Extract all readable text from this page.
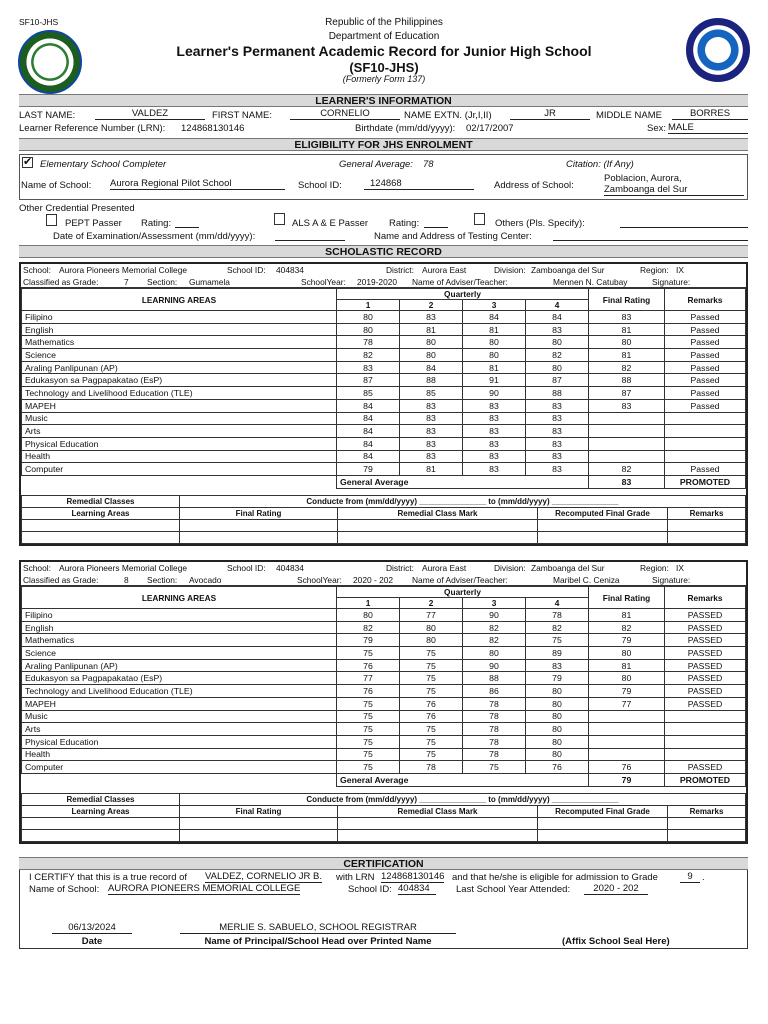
SF10-JHS	Republic of the Philippines
Department of Education
Learner's Permanent Academic Record for Junior High School
(SF10-JHS)
(Formerly Form 137)
LEARNER'S INFORMATION
LAST NAME:	VALDEZ	FIRST NAME:	CORNELIO	NAME EXTN. (Jr,I,II)	JR	MIDDLE NAME	BORRES
Learner Reference Number (LRN): 124868130146	Birthdate (mm/dd/yyyy): 02/17/2007	Sex: MALE
ELIGIBILITY FOR JHS ENROLMENT
✔ Elementary School Completer	General Average: 78	Citation: (If Any)
Name of School: Aurora Regional Pilot School	School ID:	124868	Address of School:
Poblacion, Aurora,
Zamboanga del Sur
Other Credential Presented
PEPT Passer Rating:	ALS A & E Passer Rating:	Others (Pls. Specify):
Date of Examination/Assessment (mm/dd/yyyy):	Name and Address of Testing Center:
SCHOLASTIC RECORD
School: Aurora Pioneers Memorial College	School ID: 404834	District: Aurora East	Division: Zamboanga del Sur	Region: IX
Classified as Grade:	7 Section: Gumamela	SchoolYear: 2019-2020 Name of Adviser/Teacher:	Mennen N. Catubay	Signature:
LEARNING AREAS	Quarterly				Final Rating	Remarks
	1	2	3	4		
Filipino	80	83	84	84	83	Passed
English	80	81	81	83	81	Passed
Mathematics	78	80	80	80	80	Passed
Science	82	80	80	82	81	Passed
Araling Panlipunan (AP)	83	84	81	80	82	Passed
Edukasyon sa Pagpapakatao (EsP)	87	88	91	87	88	Passed
Technology and Livelihood Education (TLE)	85	85	90	88	87	Passed
MAPEH	84	83	83	83	83	Passed
Music	84	83	83	83		
Arts	84	83	83	83		
Physical Education	84	83	83	83		
Health	84	83	83	83		
Computer	79	81	83	83	82	Passed
	General Average				83	PROMOTED
Remedial Classes	Conducte from (mm/dd/yyyy) _______________ to (mm/dd/yyyy) _______________			
Learning Areas	Final Rating	Remedial Class Mark	Recomputed Final Grade	Remarks

School: Aurora Pioneers Memorial College	School ID: 404834	District: Aurora East	Division: Zamboanga del Sur	Region: IX
Classified as Grade:	8 Section: Avocado	SchoolYear: 2020 - 202 Name of Adviser/Teacher:	Maribel C. Ceniza	Signature:
LEARNING AREAS	Quarterly				Final Rating	Remarks
	1	2	3	4		
Filipino	80	77	90	78	81	PASSED
English	82	80	82	82	82	PASSED
Mathematics	79	80	82	75	79	PASSED
Science	75	75	80	89	80	PASSED
Araling Panlipunan (AP)	76	75	90	83	81	PASSED
Edukasyon sa Pagpapakatao (EsP)	77	75	88	79	80	PASSED
Technology and Livelihood Education (TLE)	76	75	86	80	79	PASSED
MAPEH	75	76	78	80	77	PASSED
Music	75	76	78	80		
Arts	75	75	78	80		
Physical Education	75	75	78	80		
Health	75	75	78	80		
Computer	75	78	75	76	76	PASSED
	General Average				79	PROMOTED
Remedial Classes	Conducte from (mm/dd/yyyy) _______________ to (mm/dd/yyyy) _______________			
Learning Areas	Final Rating	Remedial Class Mark	Recomputed Final Grade	Remarks

CERTIFICATION
I CERTIFY that this is a true record of VALDEZ, CORNELIO JR B. with LRN 124868130146 and that he/she is eligible for admission to Grade	9 .
Name of School: AURORA PIONEERS MEMORIAL COLLEGE	School ID: 404834	Last School Year Attended:	2020 - 202
06/13/2024
Date
MERLIE S. SABUELO, SCHOOL REGISTRAR
Name of Principal/School Head over Printed Name	(Affix School Seal Here)
